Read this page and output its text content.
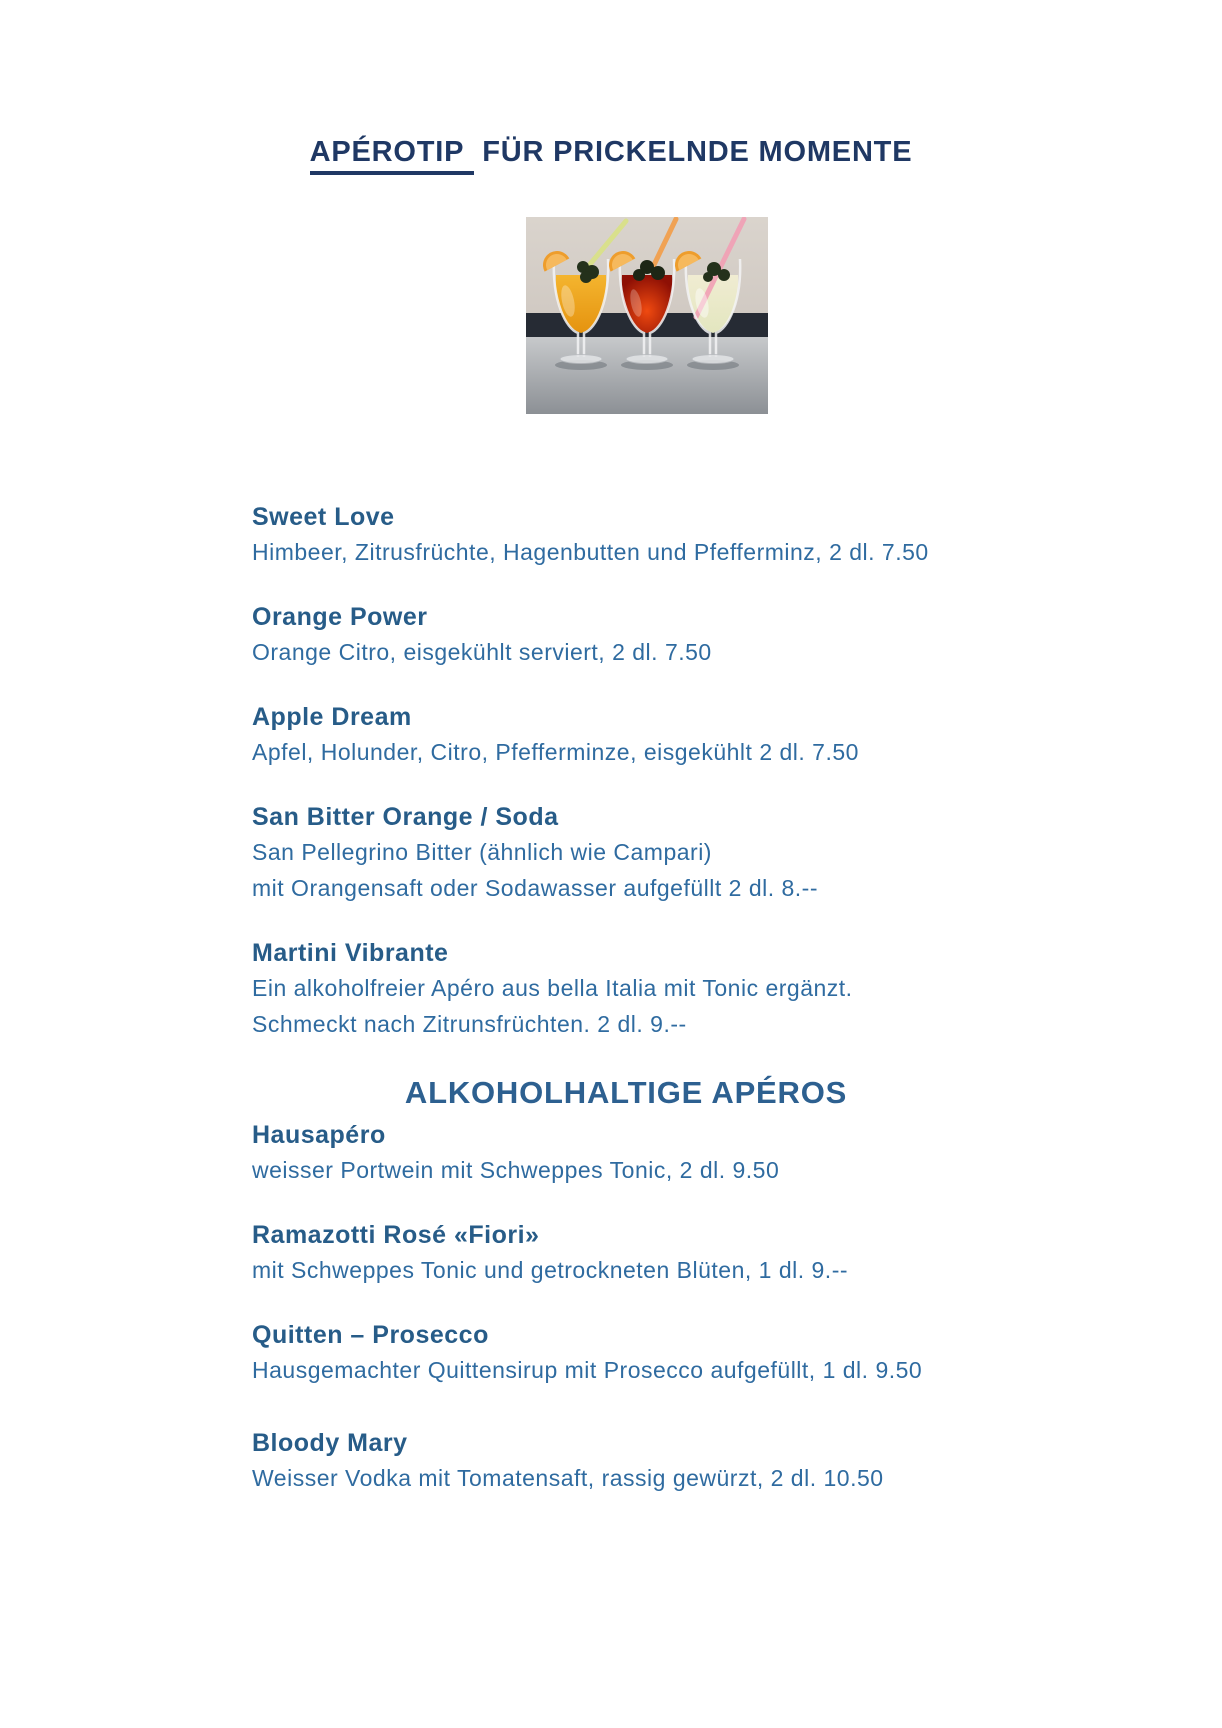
APÉROTIP FÜR PRICKELNDE MOMENTE
Sweet Love

Himbeer, Zitrusfrüchte, Hagenbutten und Pfefferminz, 2 dl. 7.50

Orange Power

Orange Citro, eisgekühlt serviert, 2 dl. 7.50

Apple Dream

Apfel, Holunder, Citro, Pfefferminze, eisgekühlt 2 dl. 7.50

San Bitter Orange / Soda

San Pellegrino Bitter (ähnlich wie Campari)

mit Orangensaft oder Sodawasser aufgefüllt 2 dl. 8.--

Martini Vibrante

Ein alkoholfreier Apéro aus bella Italia mit Tonic ergänzt.

Schmeckt nach Zitrunsfrüchten. 2 dl. 9.--

ALKOHOLHALTIGE APÉROS
Hausapéro

weisser Portwein mit Schweppes Tonic, 2 dl. 9.50

Ramazotti Rosé «Fiori»

mit Schweppes Tonic und getrockneten Blüten, 1 dl. 9.--

Quitten – Prosecco

Hausgemachter Quittensirup mit Prosecco aufgefüllt, 1 dl. 9.50

Bloody Mary

Weisser Vodka mit Tomatensaft, rassig gewürzt, 2 dl. 10.50
